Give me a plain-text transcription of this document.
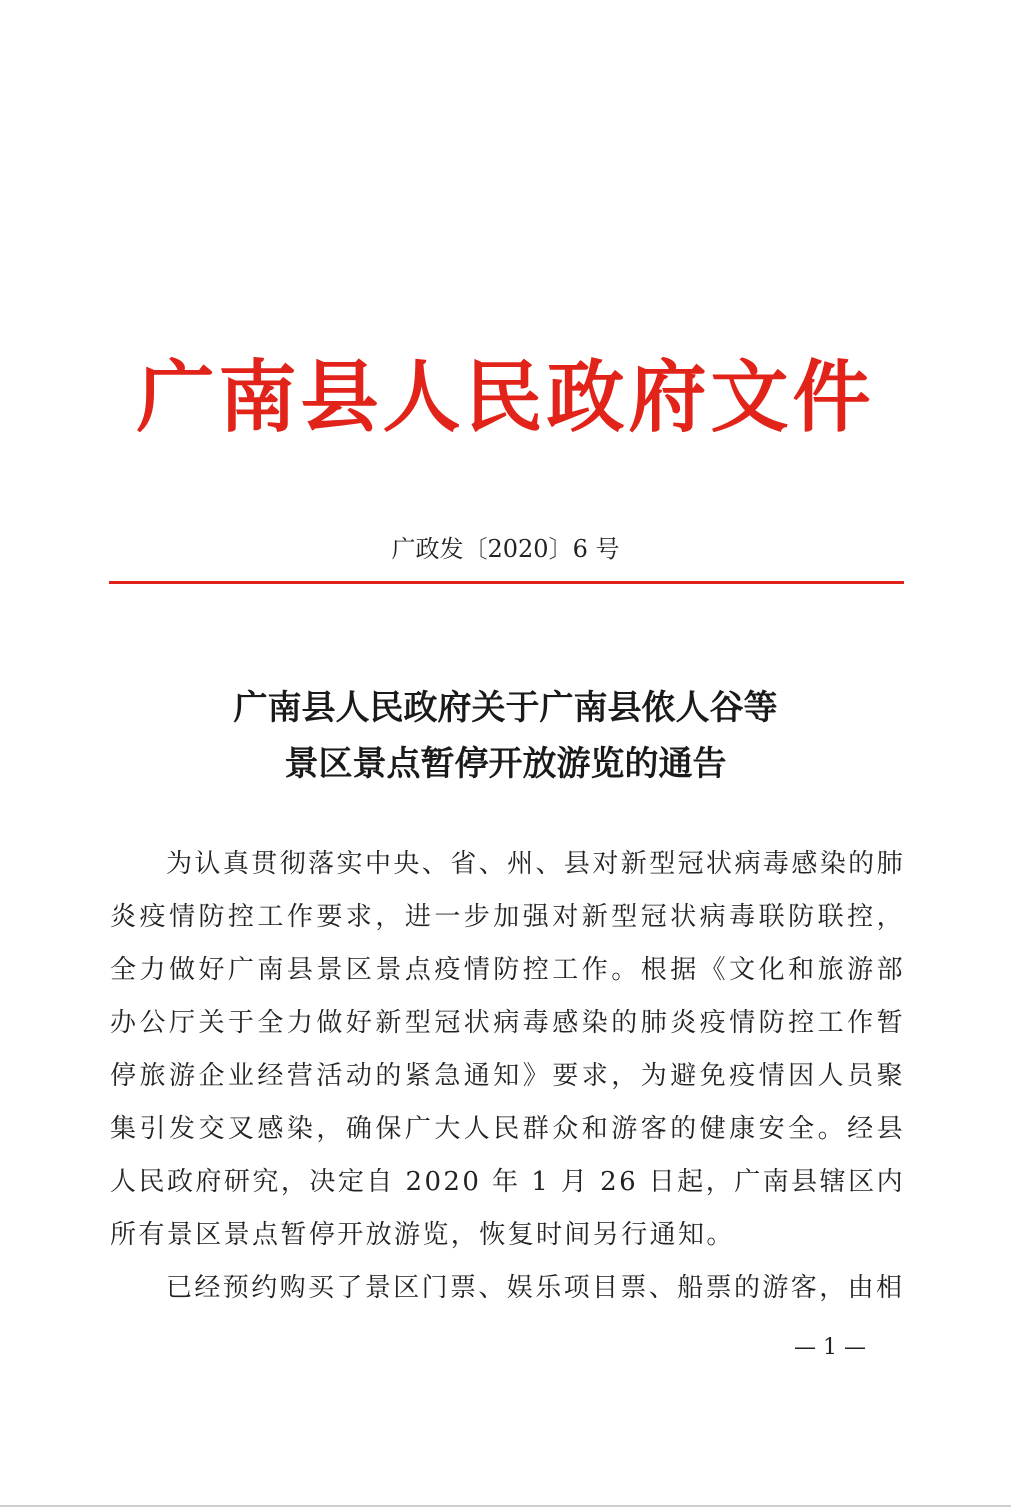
广南县人民政府文件
广政发〔2020〕6 号
广南县人民政府关于广南县侬人谷等
景区景点暂停开放游览的通告

为认真贯彻落实中央、省、州、县对新型冠状病毒感染的肺炎疫情防控工作要求，进一步加强对新型冠状病毒联防联控，全力做好广南县景区景点疫情防控工作。根据《文化和旅游部办公厅关于全力做好新型冠状病毒感染的肺炎疫情防控工作暂停旅游企业经营活动的紧急通知》要求，为避免疫情因人员聚集引发交叉感染，确保广大人民群众和游客的健康安全。经县人民政府研究，决定自 2020 年 1 月 26 日起，广南县辖区内所有景区景点暂停开放游览，恢复时间另行通知。

已经预约购买了景区门票、娱乐项目票、船票的游客，由相

— 1 —
